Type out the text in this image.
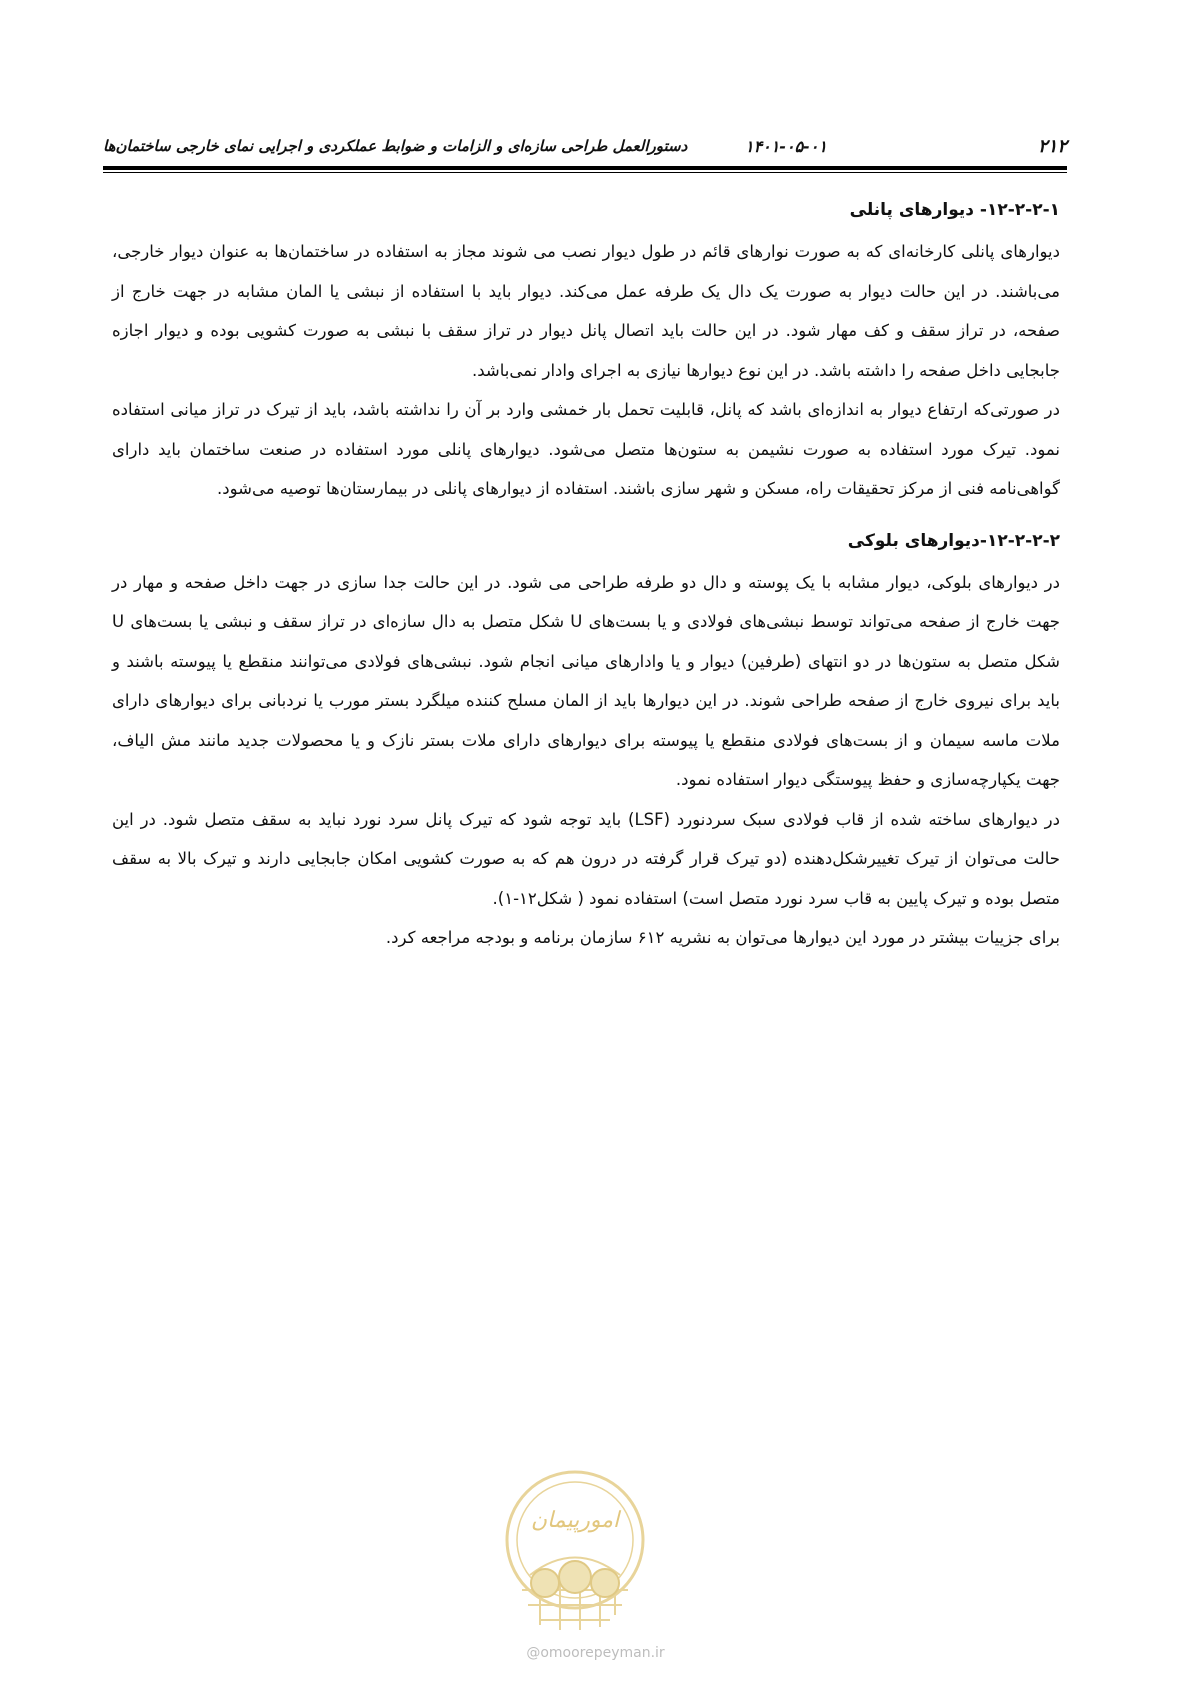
۲۱۲
۱۴۰۱-۰۵-۰۱
دستورالعمل طراحی سازه‌ای و الزامات و ضوابط عملکردی و اجرایی نمای خارجی ساختمان‌ها
۱۲-۲-۲-۱- دیوارهای پانلی

دیوارهای پانلی کارخانه‌ای که به صورت نوارهای قائم در طول دیوار نصب می شوند مجاز به استفاده در ساختمان‌ها به عنوان دیوار خارجی، می‌باشند. در این حالت دیوار به صورت یک دال یک طرفه عمل می‌کند. دیوار باید با استفاده از نبشی یا المان مشابه در جهت خارج از صفحه، در تراز سقف و کف مهار شود. در این حالت باید اتصال پانل دیوار در تراز سقف با نبشی به صورت کشویی بوده و دیوار اجازه جابجایی داخل صفحه را داشته باشد. در این نوع دیوارها نیازی به اجرای وادار نمی‌باشد.

در صورتی‌که ارتفاع دیوار به اندازه‌ای باشد که پانل، قابلیت تحمل بار خمشی وارد بر آن را نداشته باشد، باید از تیرک در تراز میانی استفاده نمود. تیرک مورد استفاده به صورت نشیمن به ستون‌ها متصل می‌شود. دیوارهای پانلی مورد استفاده در صنعت ساختمان باید دارای گواهی‌نامه فنی از مرکز تحقیقات راه، مسکن و شهر سازی باشند. استفاده از دیوارهای پانلی در بیمارستان‌ها توصیه می‌شود.

۱۲-۲-۲-۲-دیوارهای بلوکی

در دیوارهای بلوکی، دیوار مشابه با یک پوسته و دال دو طرفه طراحی می شود. در این حالت جدا سازی در جهت داخل صفحه و مهار در جهت خارج از صفحه می‌تواند توسط نبشی‌های فولادی و یا بست‌های U شکل متصل به دال سازه‌ای در تراز سقف و نبشی یا بست‌های U شکل متصل به ستون‌ها در دو انتهای (طرفین) دیوار و یا وادارهای میانی انجام شود. نبشی‌های فولادی می‌توانند منقطع یا پیوسته باشند و باید برای نیروی خارج از صفحه طراحی شوند. در این دیوارها باید از المان مسلح کننده میلگرد بستر مورب یا نردبانی برای دیوارهای دارای ملات ماسه سیمان و از بست‌های فولادی منقطع یا پیوسته برای دیوارهای دارای ملات بستر نازک و یا محصولات جدید مانند مش الیاف، جهت یکپارچه‌سازی و حفظ پیوستگی دیوار استفاده نمود.

در دیوارهای ساخته شده از قاب فولادی سبک سردنورد (LSF) باید توجه شود که تیرک پانل سرد نورد نباید به سقف متصل شود. در این حالت می‌توان از تیرک تغییرشکل‌دهنده (دو تیرک قرار گرفته در درون هم که به صورت کشویی امکان جابجایی دارند و تیرک بالا به سقف متصل بوده و تیرک پایین به قاب سرد نورد متصل است) استفاده نمود ( شکل۱۲-۱).

برای جزییات بیشتر در مورد این دیوارها می‌توان به نشریه ۶۱۲ سازمان برنامه و بودجه مراجعه کرد.

امورپیمان
@omoorepeyman.ir
